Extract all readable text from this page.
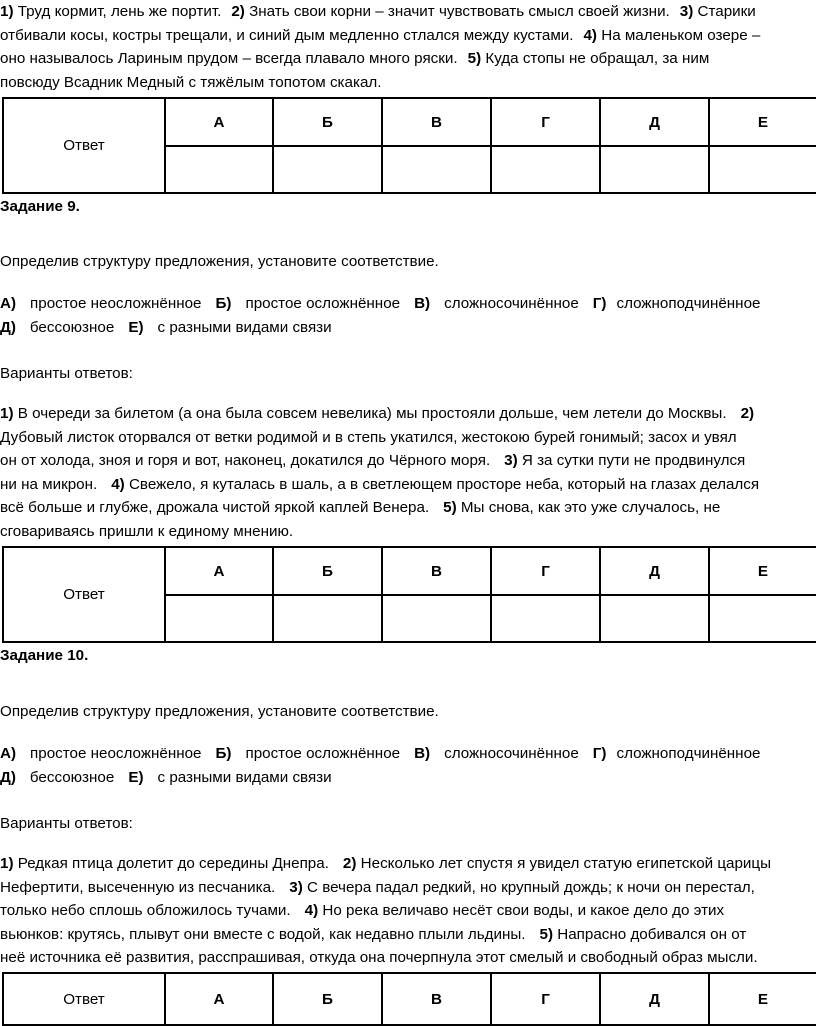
1) Труд кормит, лень же портит. 2) Знать свои корни – значит чувствовать смысл своей жизни. 3) Старики
отбивали косы, костры трещали, и синий дым медленно стлался между кустами. 4) На маленьком озере –
оно называлось Лариным прудом – всегда плавало много ряски. 5) Куда стопы не обращал, за ним
повсюду Всадник Медный с тяжёлым топотом скакал.
Ответ	А	Б	В	Г	Д	Е

Задание 9.
Определив структуру предложения, установите соответствие.
А) простое неосложнённое Б) простое осложнённое В) сложносочинённое Г) сложноподчинённое
Д) бессоюзное Е) с разными видами связи
Варианты ответов:
1) В очереди за билетом (а она была совсем невелика) мы простояли дольше, чем летели до Москвы. 2)
Дубовый листок оторвался от ветки родимой и в степь укатился, жестокою бурей гонимый; засох и увял
он от холода, зноя и горя и вот, наконец, докатился до Чёрного моря. 3) Я за сутки пути не продвинулся
ни на микрон. 4) Свежело, я куталась в шаль, а в светлеющем просторе неба, который на глазах делался
всё больше и глубже, дрожала чистой яркой каплей Венера. 5) Мы снова, как это уже случалось, не
сговариваясь пришли к единому мнению.
Ответ	А	Б	В	Г	Д	Е

Задание 10.
Определив структуру предложения, установите соответствие.
А) простое неосложнённое Б) простое осложнённое В) сложносочинённое Г) сложноподчинённое
Д) бессоюзное Е) с разными видами связи
Варианты ответов:
1) Редкая птица долетит до середины Днепра. 2) Несколько лет спустя я увидел статую египетской царицы
Нефертити, высеченную из песчаника. 3) С вечера падал редкий, но крупный дождь; к ночи он перестал,
только небо сплошь обложилось тучами. 4) Но река величаво несёт свои воды, и какое дело до этих
вьюнков: крутясь, плывут они вместе с водой, как недавно плыли льдины. 5) Напрасно добивался он от
неё источника её развития, расспрашивая, откуда она почерпнула этот смелый и свободный образ мысли.
Ответ	А	Б	В	Г	Д	Е
